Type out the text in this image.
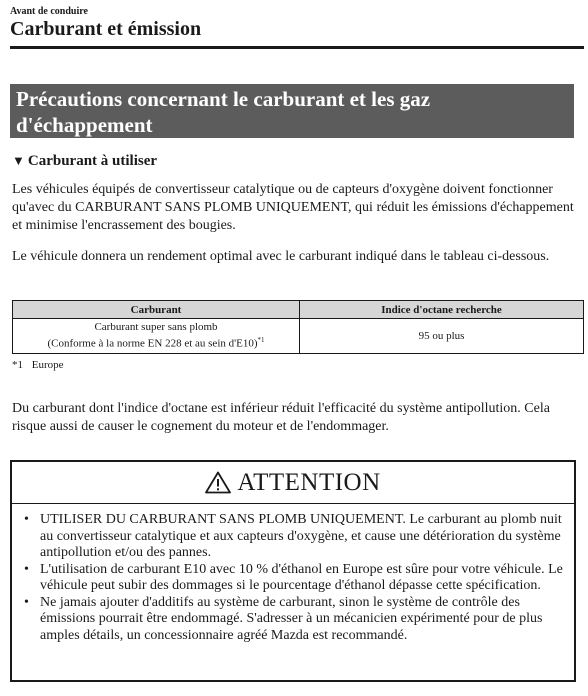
Avant de conduire
Carburant et émission
Précautions concernant le carburant et les gaz d'échappement
▼ Carburant à utiliser
Les véhicules équipés de convertisseur catalytique ou de capteurs d'oxygène doivent fonctionner qu'avec du CARBURANT SANS PLOMB UNIQUEMENT, qui réduit les émissions d'échappement et minimise l'encrassement des bougies.
Le véhicule donnera un rendement optimal avec le carburant indiqué dans le tableau ci-dessous.
Carburant	Indice d'octane recherche
Carburant super sans plomb
(Conforme à la norme EN 228 et au sein d'E10)$^{*1}$	95 ou plus
*1 Europe
Du carburant dont l'indice d'octane est inférieur réduit l'efficacité du système antipollution. Cela risque aussi de causer le cognement du moteur et de l'endommager.
ATTENTION
• UTILISER DU CARBURANT SANS PLOMB UNIQUEMENT. Le carburant au plomb nuit au convertisseur catalytique et aux capteurs d'oxygène, et cause une détérioration du système antipollution et/ou des pannes.
• L'utilisation de carburant E10 avec 10 % d'éthanol en Europe est sûre pour votre véhicule. Le véhicule peut subir des dommages si le pourcentage d'éthanol dépasse cette spécification.
• Ne jamais ajouter d'additifs au système de carburant, sinon le système de contrôle des émissions pourrait être endommagé. S'adresser à un mécanicien expérimenté pour de plus amples détails, un concessionnaire agréé Mazda est recommandé.
